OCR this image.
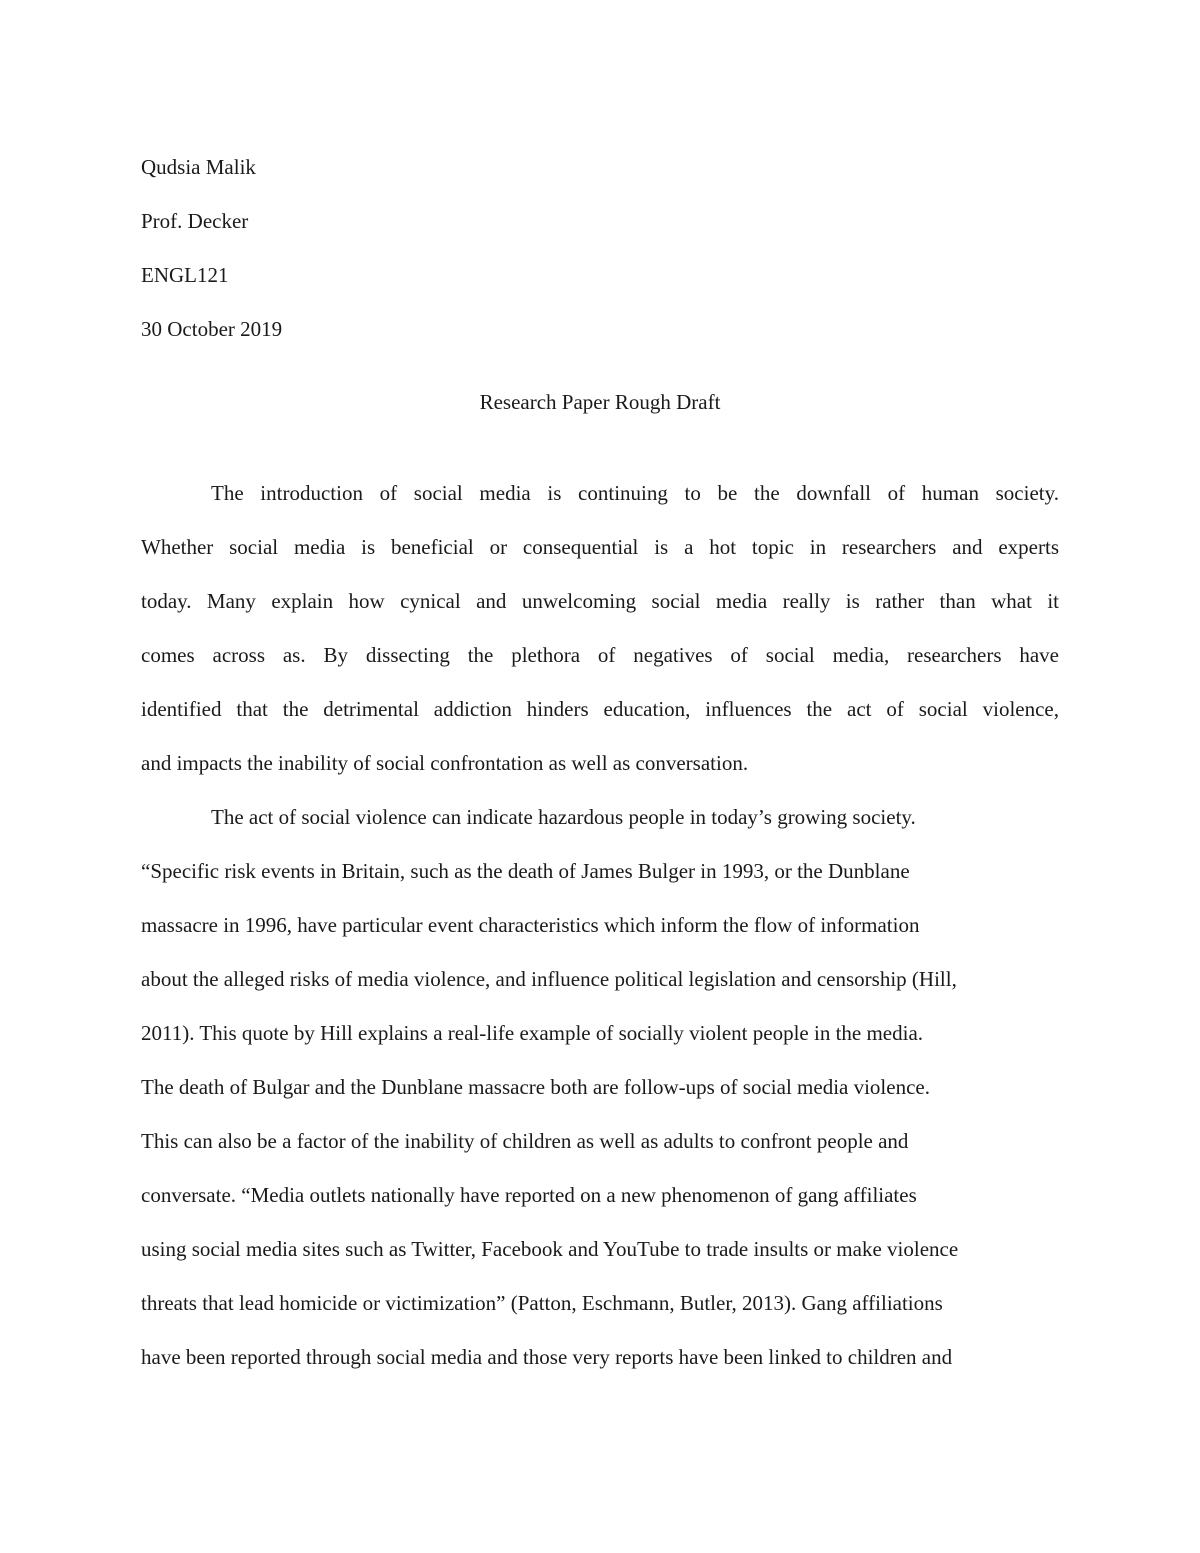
Qudsia Malik
Prof. Decker
ENGL121
30 October 2019
Research Paper Rough Draft
The introduction of social media is continuing to be the downfall of human society.
Whether social media is beneficial or consequential is a hot topic in researchers and experts
today. Many explain how cynical and unwelcoming social media really is rather than what it
comes across as. By dissecting the plethora of negatives of social media, researchers have
identified that the detrimental addiction hinders education, influences the act of social violence,
and impacts the inability of social confrontation as well as conversation.
The act of social violence can indicate hazardous people in today’s growing society.
“Specific risk events in Britain, such as the death of James Bulger in 1993, or the Dunblane
massacre in 1996, have particular event characteristics which inform the flow of information
about the alleged risks of media violence, and influence political legislation and censorship (Hill,
2011). This quote by Hill explains a real-life example of socially violent people in the media.
The death of Bulgar and the Dunblane massacre both are follow-ups of social media violence.
This can also be a factor of the inability of children as well as adults to confront people and
conversate. “Media outlets nationally have reported on a new phenomenon of gang affiliates
using social media sites such as Twitter, Facebook and YouTube to trade insults or make violence
threats that lead homicide or victimization” (Patton, Eschmann, Butler, 2013). Gang affiliations
have been reported through social media and those very reports have been linked to children and
